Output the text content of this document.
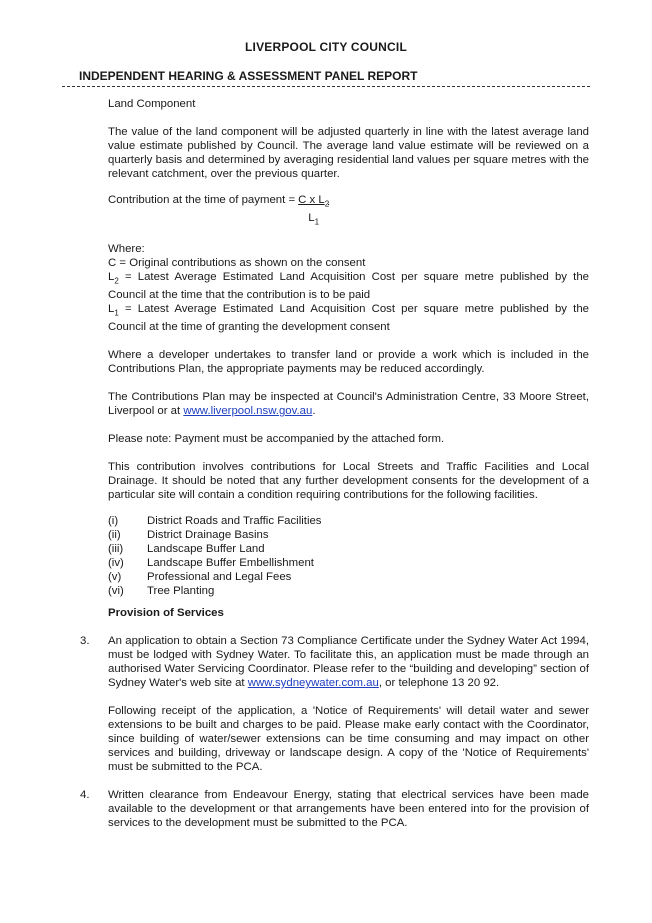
LIVERPOOL CITY COUNCIL
INDEPENDENT HEARING & ASSESSMENT PANEL REPORT

Land Component

The value of the land component will be adjusted quarterly in line with the latest average land value estimate published by Council. The average land value estimate will be reviewed on a quarterly basis and determined by averaging residential land values per square metres with the relevant catchment, over the previous quarter.

Contribution at the time of payment = $\frac{C x L_2}{L_1}$

Where:

C = Original contributions as shown on the consent

$L_2$ = Latest Average Estimated Land Acquisition Cost per square metre published by the Council at the time that the contribution is to be paid

$L_1$ = Latest Average Estimated Land Acquisition Cost per square metre published by the Council at the time of granting the development consent

Where a developer undertakes to transfer land or provide a work which is included in the Contributions Plan, the appropriate payments may be reduced accordingly.

The Contributions Plan may be inspected at Council's Administration Centre, 33 Moore Street, Liverpool or at www.liverpool.nsw.gov.au.

Please note: Payment must be accompanied by the attached form.

This contribution involves contributions for Local Streets and Traffic Facilities and Local Drainage. It should be noted that any further development consents for the development of a particular site will contain a condition requiring contributions for the following facilities.

(i)	District Roads and Traffic Facilities
(ii)	District Drainage Basins
(iii)	Landscape Buffer Land
(iv)	Landscape Buffer Embellishment
(v)	Professional and Legal Fees
(vi)	Tree Planting

Provision of Services

3. An application to obtain a Section 73 Compliance Certificate under the Sydney Water Act 1994, must be lodged with Sydney Water. To facilitate this, an application must be made through an authorised Water Servicing Coordinator. Please refer to the “building and developing” section of Sydney Water's web site at www.sydneywater.com.au, or telephone 13 20 92.

Following receipt of the application, a 'Notice of Requirements' will detail water and sewer extensions to be built and charges to be paid. Please make early contact with the Coordinator, since building of water/sewer extensions can be time consuming and may impact on other services and building, driveway or landscape design. A copy of the 'Notice of Requirements' must be submitted to the PCA.

4. Written clearance from Endeavour Energy, stating that electrical services have been made available to the development or that arrangements have been entered into for the provision of services to the development must be submitted to the PCA.
